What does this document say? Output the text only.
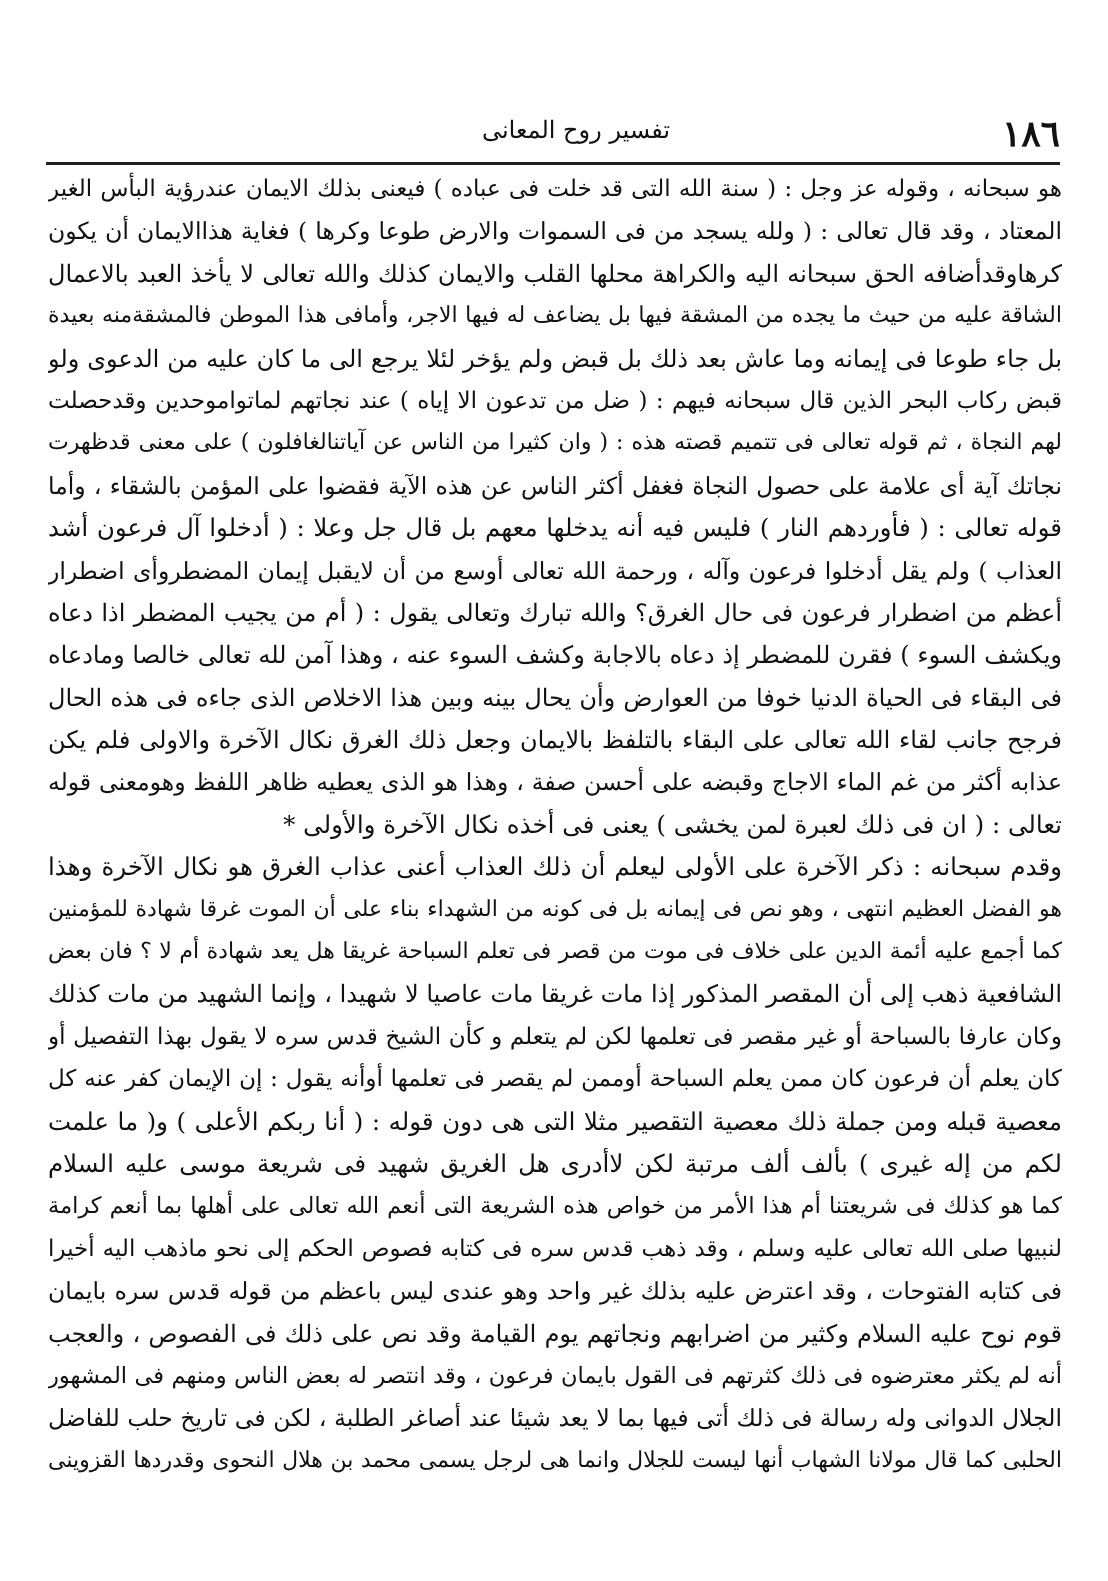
١٨٦
تفسير روح المعانى
هو سبحانه ، وقوله عز وجل : ( سنة الله التى قد خلت فى عباده ) فيعنى بذلك الايمان عندرؤية البأس الغير
المعتاد ، وقد قال تعالى : ( ولله يسجد من فى السموات والارض طوعا وكرها ) فغاية هذاالايمان أن يكون
كرهاوقدأضافه الحق سبحانه اليه والكراهة محلها القلب والايمان كذلك والله تعالى لا يأخذ العبد بالاعمال
الشاقة عليه من حيث ما يجده من المشقة فيها بل يضاعف له فيها الاجر، وأمافى هذا الموطن فالمشقةمنه بعيدة
بل جاء طوعا فى إيمانه وما عاش بعد ذلك بل قبض ولم يؤخر لئلا يرجع الى ما كان عليه من الدعوى ولو
قبض ركاب البحر الذين قال سبحانه فيهم : ( ضل من تدعون الا إياه ) عند نجاتهم لماتواموحدين وقدحصلت
لهم النجاة ، ثم قوله تعالى فى تتميم قصته هذه : ( وان كثيرا من الناس عن آياتنالغافلون ) على معنى قدظهرت
نجاتك آية أى علامة على حصول النجاة فغفل أكثر الناس عن هذه الآية فقضوا على المؤمن بالشقاء ، وأما
قوله تعالى : ( فأوردهم النار ) فليس فيه أنه يدخلها معهم بل قال جل وعلا : ( أدخلوا آل فرعون أشد
العذاب ) ولم يقل أدخلوا فرعون وآله ، ورحمة الله تعالى أوسع من أن لايقبل إيمان المضطروأى اضطرار
أعظم من اضطرار فرعون فى حال الغرق؟ والله تبارك وتعالى يقول : ( أم من يجيب المضطر اذا دعاه
ويكشف السوء ) فقرن للمضطر إذ دعاه بالاجابة وكشف السوء عنه ، وهذا آمن لله تعالى خالصا ومادعاه
فى البقاء فى الحياة الدنيا خوفا من العوارض وأن يحال بينه وبين هذا الاخلاص الذى جاءه فى هذه الحال
فرجح جانب لقاء الله تعالى على البقاء بالتلفظ بالايمان وجعل ذلك الغرق نكال الآخرة والاولى فلم يكن
عذابه أكثر من غم الماء الاجاج وقبضه على أحسن صفة ، وهذا هو الذى يعطيه ظاهر اللفظ وهومعنى قوله
تعالى : ( ان فى ذلك لعبرة لمن يخشى ) يعنى فى أخذه نكال الآخرة والأولى *
وقدم سبحانه : ذكر الآخرة على الأولى ليعلم أن ذلك العذاب أعنى عذاب الغرق هو نكال الآخرة وهذا
هو الفضل العظيم انتهى ، وهو نص فى إيمانه بل فى كونه من الشهداء بناء على أن الموت غرقا شهادة للمؤمنين
كما أجمع عليه أئمة الدين على خلاف فى موت من قصر فى تعلم السباحة غريقا هل يعد شهادة أم لا ؟ فان بعض
الشافعية ذهب إلى أن المقصر المذكور إذا مات غريقا مات عاصيا لا شهيدا ، وإنما الشهيد من مات كذلك
وكان عارفا بالسباحة أو غير مقصر فى تعلمها لكن لم يتعلم و كأن الشيخ قدس سره لا يقول بهذا التفصيل أو
كان يعلم أن فرعون كان ممن يعلم السباحة أوممن لم يقصر فى تعلمها أوأنه يقول : إن الإيمان كفر عنه كل
معصية قبله ومن جملة ذلك معصية التقصير مثلا التى هى دون قوله : ( أنا ربكم الأعلى ) و( ما علمت
لكم من إله غيرى ) بألف ألف مرتبة لكن لاأدرى هل الغريق شهيد فى شريعة موسى عليه السلام
كما هو كذلك فى شريعتنا أم هذا الأمر من خواص هذه الشريعة التى أنعم الله تعالى على أهلها بما أنعم كرامة
لنبيها صلى الله تعالى عليه وسلم ، وقد ذهب قدس سره فى كتابه فصوص الحكم إلى نحو ماذهب اليه أخيرا
فى كتابه الفتوحات ، وقد اعترض عليه بذلك غير واحد وهو عندى ليس باعظم من قوله قدس سره بايمان
قوم نوح عليه السلام وكثير من اضرابهم ونجاتهم يوم القيامة وقد نص على ذلك فى الفصوص ، والعجب
أنه لم يكثر معترضوه فى ذلك كثرتهم فى القول بايمان فرعون ، وقد انتصر له بعض الناس ومنهم فى المشهور
الجلال الدوانى وله رسالة فى ذلك أتى فيها بما لا يعد شيئا عند أصاغر الطلبة ، لكن فى تاريخ حلب للفاضل
الحلبى كما قال مولانا الشهاب أنها ليست للجلال وانما هى لرجل يسمى محمد بن هلال النحوى وقدردها القزوينى
